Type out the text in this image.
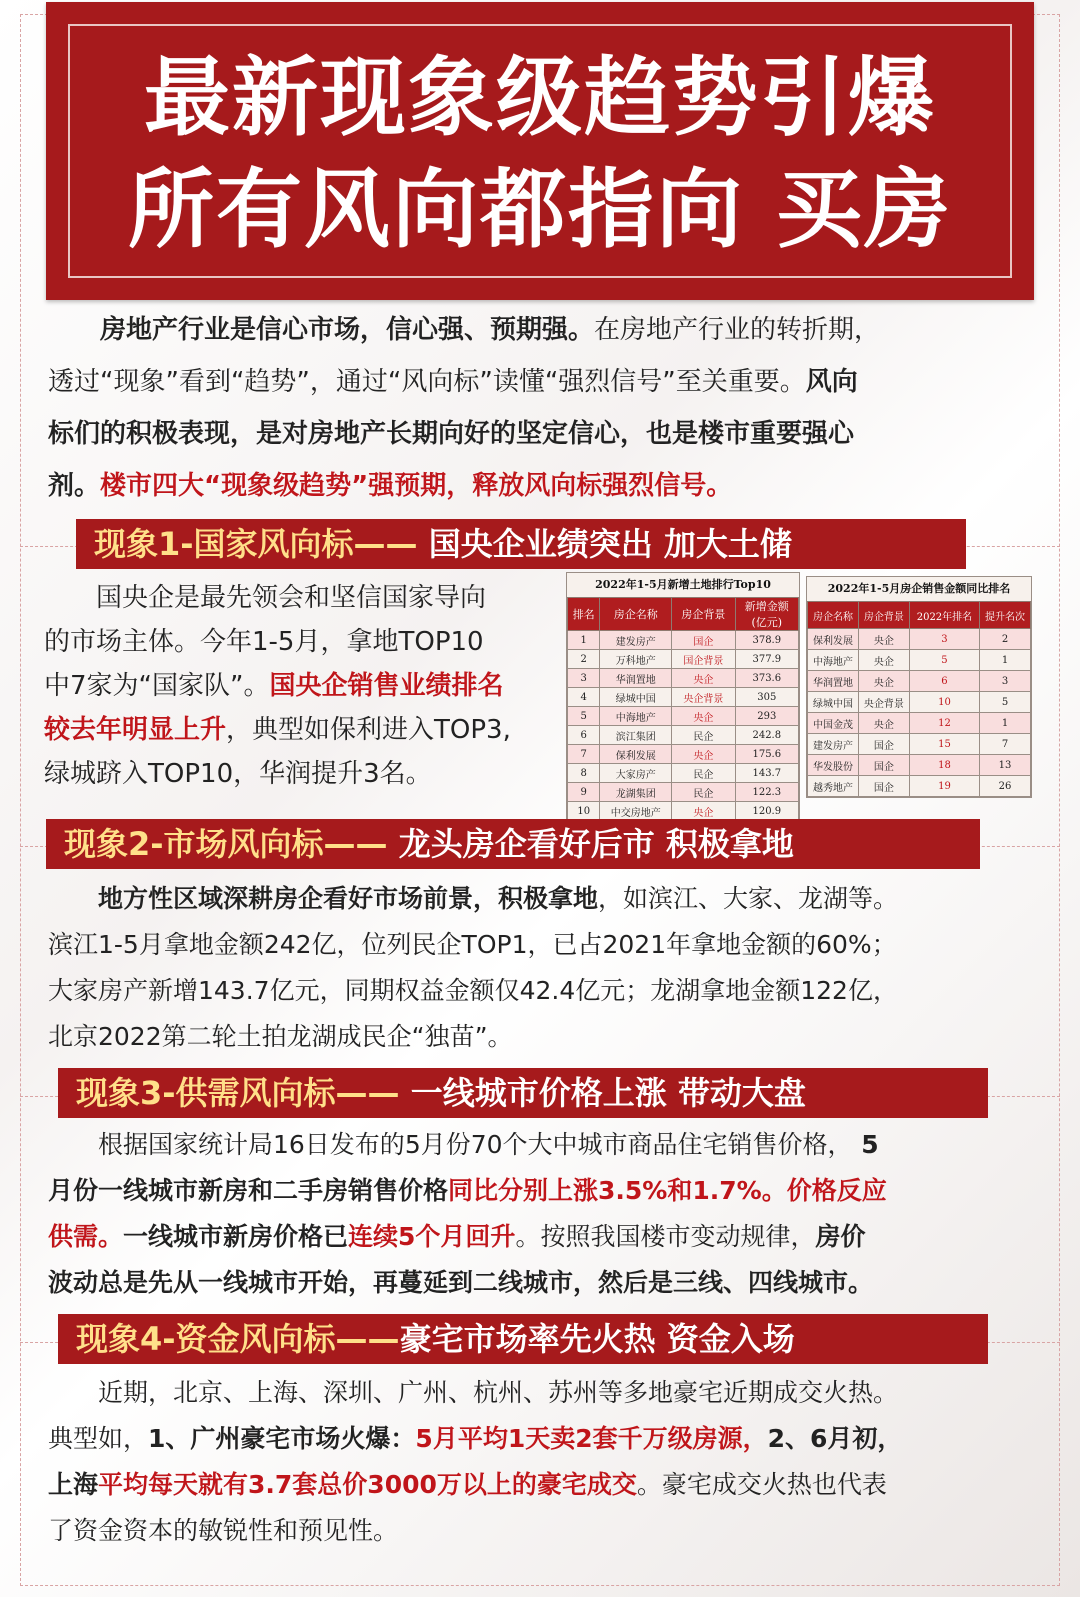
最新现象级趋势引爆
所有风向都指向 买房
房地产行业是信心市场，信心强、预期强。在房地产行业的转折期，
透过“现象”看到“趋势”，通过“风向标”读懂“强烈信号”至关重要。风向
标们的积极表现，是对房地产长期向好的坚定信心，也是楼市重要强心
剂。楼市四大“现象级趋势”强预期，释放风向标强烈信号。
现象1-国家风向标—— 国央企业绩突出 加大土储
国央企是最先领会和坚信国家导向
的市场主体。今年1-5月，拿地TOP10
中7家为“国家队”。国央企销售业绩排名
较去年明显上升，典型如保利进入TOP3,
绿城跻入TOP10，华润提升3名。
2022年1-5月新增土地排行Top10
排名	房企名称	房企背景	新增金额
(亿元)
1	建发房产	国企	378.9
2	万科地产	国企背景	377.9
3	华润置地	央企	373.6
4	绿城中国	央企背景	305
5	中海地产	央企	293
6	滨江集团	民企	242.8
7	保利发展	央企	175.6
8	大家房产	民企	143.7
9	龙湖集团	民企	122.3
10	中交房地产	央企	120.9
2022年1-5月房企销售金额同比排名
房企名称	房企背景	2022年排名	提升名次
保利发展	央企	3	2
中海地产	央企	5	1
华润置地	央企	6	3
绿城中国	央企背景	10	5
中国金茂	央企	12	1
建发房产	国企	15	7
华发股份	国企	18	13
越秀地产	国企	19	26
现象2-市场风向标—— 龙头房企看好后市 积极拿地
地方性区域深耕房企看好市场前景，积极拿地，如滨江、大家、龙湖等。
滨江1-5月拿地金额242亿，位列民企TOP1，已占2021年拿地金额的60%；
大家房产新增143.7亿元，同期权益金额仅42.4亿元；龙湖拿地金额122亿，
北京2022第二轮土拍龙湖成民企“独苗”。
现象3-供需风向标—— 一线城市价格上涨 带动大盘
根据国家统计局16日发布的5月份70个大中城市商品住宅销售价格， 5
月份一线城市新房和二手房销售价格同比分别上涨3.5%和1.7%。价格反应
供需。一线城市新房价格已连续5个月回升。按照我国楼市变动规律，房价
波动总是先从一线城市开始，再蔓延到二线城市，然后是三线、四线城市。
现象4-资金风向标——豪宅市场率先火热 资金入场
近期，北京、上海、深圳、广州、杭州、苏州等多地豪宅近期成交火热。
典型如，1、广州豪宅市场火爆：5月平均1天卖2套千万级房源，2、6月初，
上海平均每天就有3.7套总价3000万以上的豪宅成交。豪宅成交火热也代表
了资金资本的敏锐性和预见性。
